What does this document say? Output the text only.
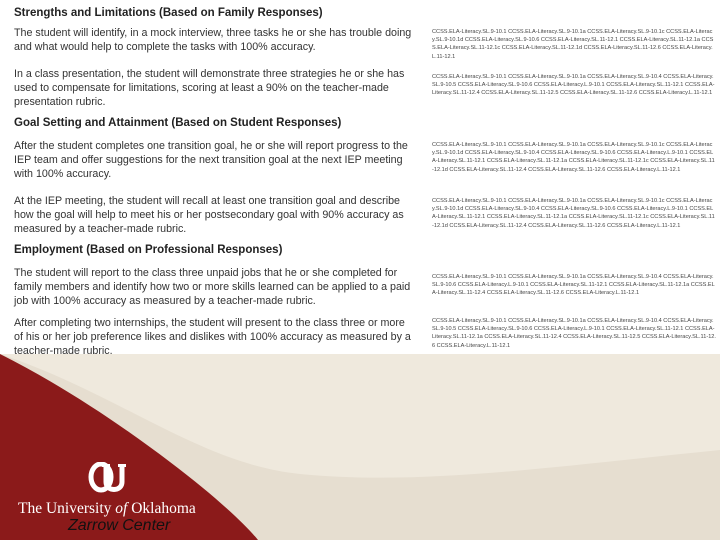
Strengths and Limitations (Based on Family Responses)
The student will identify, in a mock interview, three tasks he or she has trouble doing and what would help to complete the tasks with 100% accuracy.
In a class presentation, the student will demonstrate three strategies he or she has used to compensate for limitations, scoring at least a 90% on the teacher-made presentation rubric.
Goal Setting and Attainment (Based on Student Responses)
After the student completes one transition goal, he or she will report progress to the IEP team and offer suggestions for the next transition goal at the next IEP meeting with 100% accuracy.
At the IEP meeting, the student will recall at least one transition goal and describe how the goal will help to meet his or her postsecondary goal with 90% accuracy as measured by a teacher-made rubric.
Employment (Based on Professional Responses)
The student will report to the class three unpaid jobs that he or she completed for family members and identify how two or more skills learned can be applied to a paid job with 100% accuracy as measured by a teacher-made rubric.
After completing two internships, the student will present to the class three or more of his or her job preference likes and dislikes with 100% accuracy as measured by a teacher-made rubric.
CCSS.ELA-Literacy.SL.9-10.1 CCSS.ELA-Literacy.SL.9-10.1a CCSS.ELA-Literacy.SL.9-10.1c CCSS.ELA-Literacy.SL.9-10.1d CCSS.ELA-Literacy.SL.9-10.6 CCSS.ELA-Literacy.SL.11-12.1 CCSS.ELA-Literacy.SL.11-12.1a CCSS.ELA-Literacy.SL.11-12.1c CCSS.ELA-Literacy.SL.11-12.1d CCSS.ELA-Literacy.SL.11-12.6 CCSS.ELA-Literacy.L.11-12.1
CCSS.ELA-Literacy.SL.9-10.1 CCSS.ELA-Literacy.SL.9-10.1a CCSS.ELA-Literacy.SL.9-10.4 CCSS.ELA-Literacy.SL.9-10.5 CCSS.ELA-Literacy.SL.9-10.6 CCSS.ELA-Literacy.L.9-10.1 CCSS.ELA-Literacy.SL.11-12.1 CCSS.ELA-Literacy.SL.11-12.4 CCSS.ELA-Literacy.SL.11-12.5 CCSS.ELA-Literacy.SL.11-12.6 CCSS.ELA-Literacy.L.11-12.1
CCSS.ELA-Literacy.SL.9-10.1 CCSS.ELA-Literacy.SL.9-10.1a CCSS.ELA-Literacy.SL.9-10.1c CCSS.ELA-Literacy.SL.9-10.1d CCSS.ELA-Literacy.SL.9-10.4 CCSS.ELA-Literacy.SL.9-10.6 CCSS.ELA-Literacy.L.9-10.1 CCSS.ELA-Literacy.SL.11-12.1 CCSS.ELA-Literacy.SL.11-12.1a CCSS.ELA-Literacy.SL.11-12.1c CCSS.ELA-Literacy.SL.11-12.1d CCSS.ELA-Literacy.SL.11-12.4 CCSS.ELA-Literacy.SL.11-12.6 CCSS.ELA-Literacy.L.11-12.1
CCSS.ELA-Literacy.SL.9-10.1 CCSS.ELA-Literacy.SL.9-10.1a CCSS.ELA-Literacy.SL.9-10.1c CCSS.ELA-Literacy.SL.9-10.1d CCSS.ELA-Literacy.SL.9-10.4 CCSS.ELA-Literacy.SL.9-10.6 CCSS.ELA-Literacy.L.9-10.1 CCSS.ELA-Literacy.SL.11-12.1 CCSS.ELA-Literacy.SL.11-12.1a CCSS.ELA-Literacy.SL.11-12.1c CCSS.ELA-Literacy.SL.11-12.1d CCSS.ELA-Literacy.SL.11-12.4 CCSS.ELA-Literacy.SL.11-12.6 CCSS.ELA-Literacy.L.11-12.1
CCSS.ELA-Literacy.SL.9-10.1 CCSS.ELA-Literacy.SL.9-10.1a CCSS.ELA-Literacy.SL.9-10.4 CCSS.ELA-Literacy.SL.9-10.6 CCSS.ELA-Literacy.L.9-10.1 CCSS.ELA-Literacy.SL.11-12.1 CCSS.ELA-Literacy.SL.11-12.1a CCSS.ELA-Literacy.SL.11-12.4 CCSS.ELA-Literacy.SL.11-12.6 CCSS.ELA-Literacy.L.11-12.1
CCSS.ELA-Literacy.SL.9-10.1 CCSS.ELA-Literacy.SL.9-10.1a CCSS.ELA-Literacy.SL.9-10.4 CCSS.ELA-Literacy.SL.9-10.5 CCSS.ELA-Literacy.SL.9-10.6 CCSS.ELA-Literacy.L.9-10.1 CCSS.ELA-Literacy.SL.11-12.1 CCSS.ELA-Literacy.SL.11-12.1a CCSS.ELA-Literacy.SL.11-12.4 CCSS.ELA-Literacy.SL.11-12.5 CCSS.ELA-Literacy.SL.11-12.6 CCSS.ELA-Literacy.L.11-12.1
The University of Oklahoma
Zarrow Center
